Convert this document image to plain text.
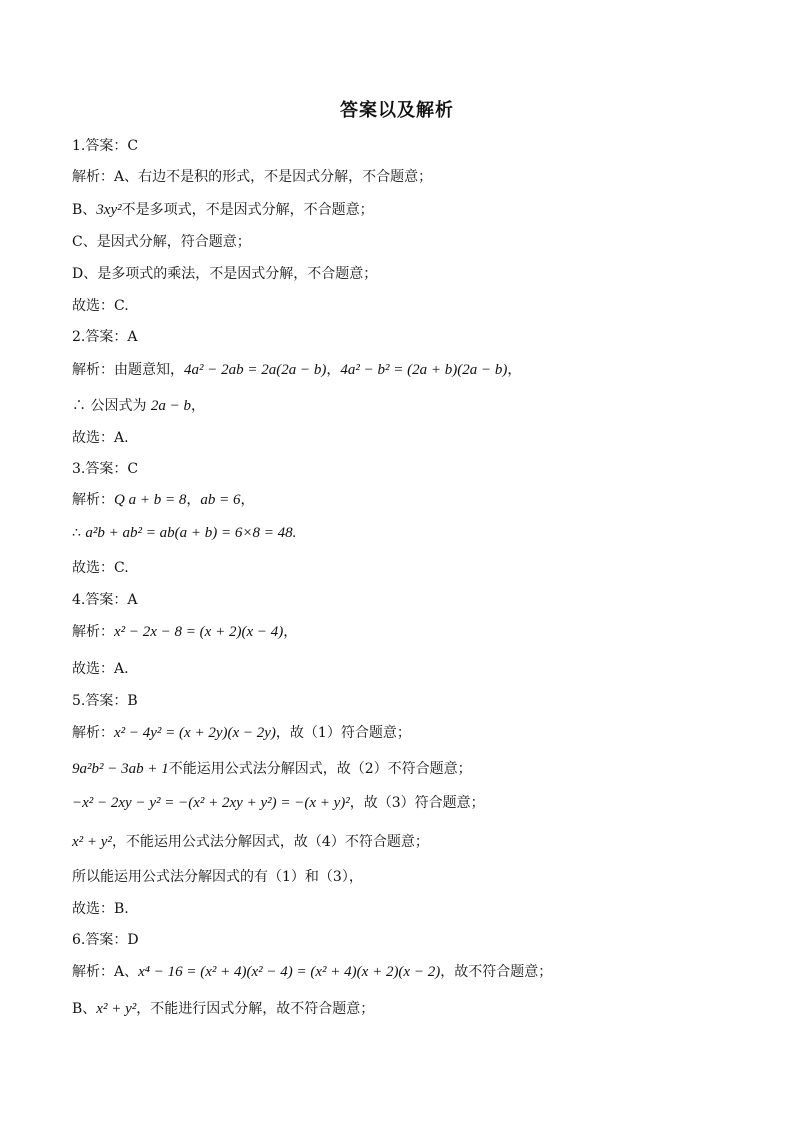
答案以及解析
1.答案：C
解析：A、右边不是积的形式，不是因式分解，不合题意；
B、3xy²不是多项式，不是因式分解，不合题意；
C、是因式分解，符合题意；
D、是多项式的乘法，不是因式分解，不合题意；
故选：C.
2.答案：A
解析：由题意知，4a² − 2ab = 2a(2a − b)，4a² − b² = (2a + b)(2a − b)，
∴ 公因式为 2a − b，
故选：A.
3.答案：C
解析：Q a + b = 8，ab = 6，
∴ a²b + ab² = ab(a + b) = 6×8 = 48.
故选：C.
4.答案：A
解析：x² − 2x − 8 = (x + 2)(x − 4)，
故选：A.
5.答案：B
解析：x² − 4y² = (x + 2y)(x − 2y)，故（1）符合题意；
9a²b² − 3ab + 1不能运用公式法分解因式，故（2）不符合题意；
−x² − 2xy − y² = −(x² + 2xy + y²) = −(x + y)²，故（3）符合题意；
x² + y²，不能运用公式法分解因式，故（4）不符合题意；
所以能运用公式法分解因式的有（1）和（3），
故选：B.
6.答案：D
解析：A、x⁴ − 16 = (x² + 4)(x² − 4) = (x² + 4)(x + 2)(x − 2)，故不符合题意；
B、x² + y²，不能进行因式分解，故不符合题意；
